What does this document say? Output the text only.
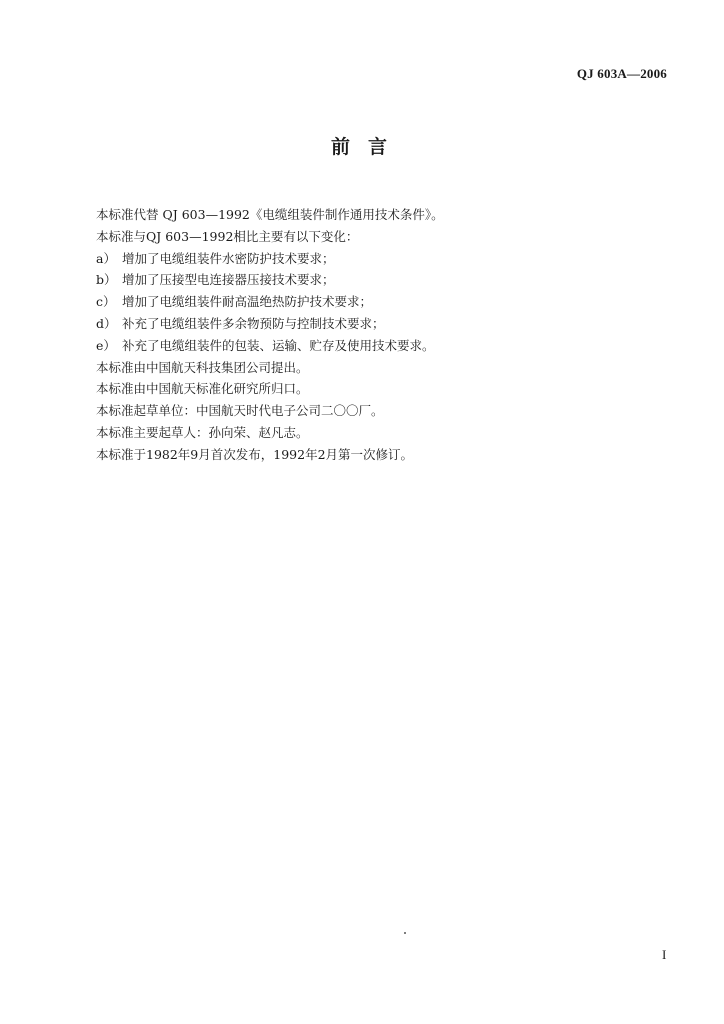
QJ 603A—2006
前言
本标准代替 QJ 603—1992《电缆组装件制作通用技术条件》。
本标准与QJ 603—1992相比主要有以下变化：
a） 增加了电缆组装件水密防护技术要求；
b） 增加了压接型电连接器压接技术要求；
c） 增加了电缆组装件耐高温绝热防护技术要求；
d） 补充了电缆组装件多余物预防与控制技术要求；
e） 补充了电缆组装件的包装、运输、贮存及使用技术要求。
本标准由中国航天科技集团公司提出。
本标准由中国航天标准化研究所归口。
本标准起草单位：中国航天时代电子公司二〇〇厂。
本标准主要起草人：孙向荣、赵凡志。
本标准于1982年9月首次发布，1992年2月第一次修订。
I
